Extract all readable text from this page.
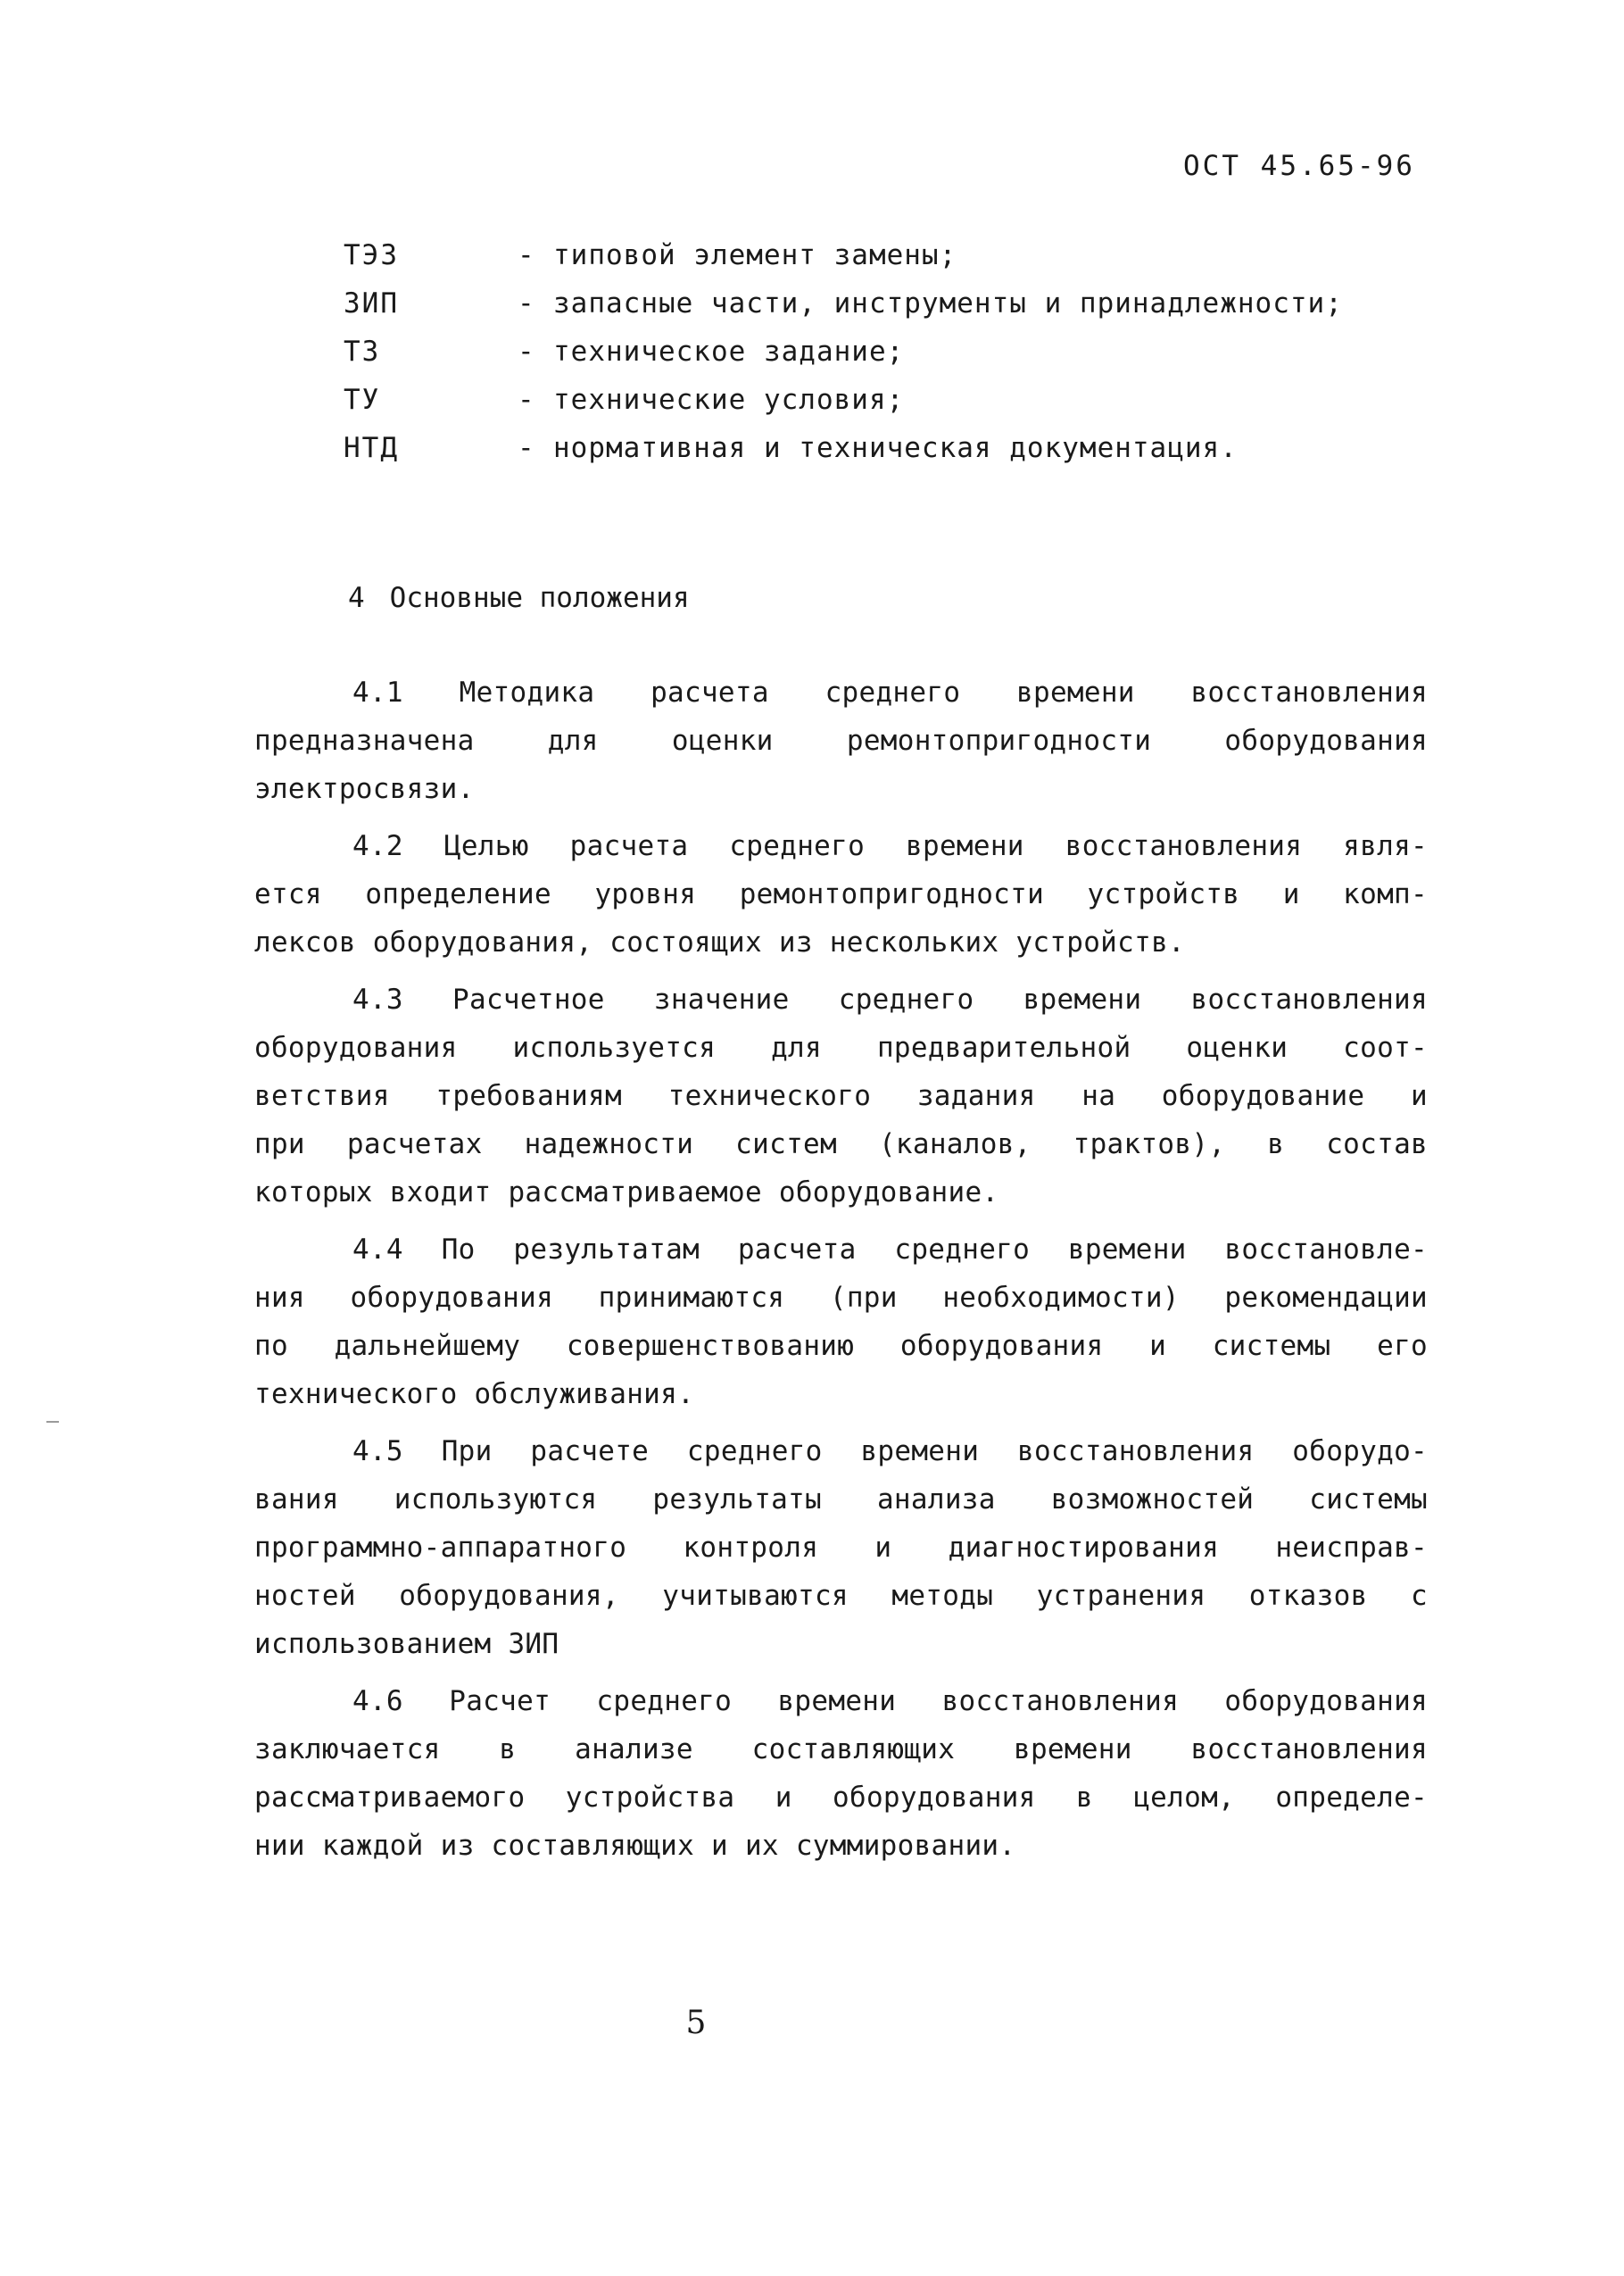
ОСТ 45.65-96
ТЭЗ	- типовой элемент замены;
ЗИП	- запасные части, инструменты и принадлежности;
ТЗ	- техническое задание;
ТУ	- технические условия;
НТД	- нормативная и техническая документация.
4 Основные положения
4.1 Методика расчета среднего времени восстановления
предназначена для оценки ремонтопригодности оборудования
электросвязи.
4.2 Целью расчета среднего времени восстановления явля-
ется определение уровня ремонтопригодности устройств и комп-
лексов оборудования, состоящих из нескольких устройств.
4.3 Расчетное значение среднего времени восстановления
оборудования используется для предварительной оценки соот-
ветствия требованиям технического задания на оборудование и
при расчетах надежности систем (каналов, трактов), в состав
которых входит рассматриваемое оборудование.
4.4 По результатам расчета среднего времени восстановле-
ния оборудования принимаются (при необходимости) рекомендации
по дальнейшему совершенствованию оборудования и системы его
технического обслуживания.
4.5 При расчете среднего времени восстановления оборудо-
вания используются результаты анализа возможностей системы
программно-аппаратного контроля и диагностирования неисправ-
ностей оборудования, учитываются методы устранения отказов с
использованием ЗИП
4.6 Расчет среднего времени восстановления оборудования
заключается в анализе составляющих времени восстановления
рассматриваемого устройства и оборудования в целом, определе-
нии каждой из составляющих и их суммировании.
5
